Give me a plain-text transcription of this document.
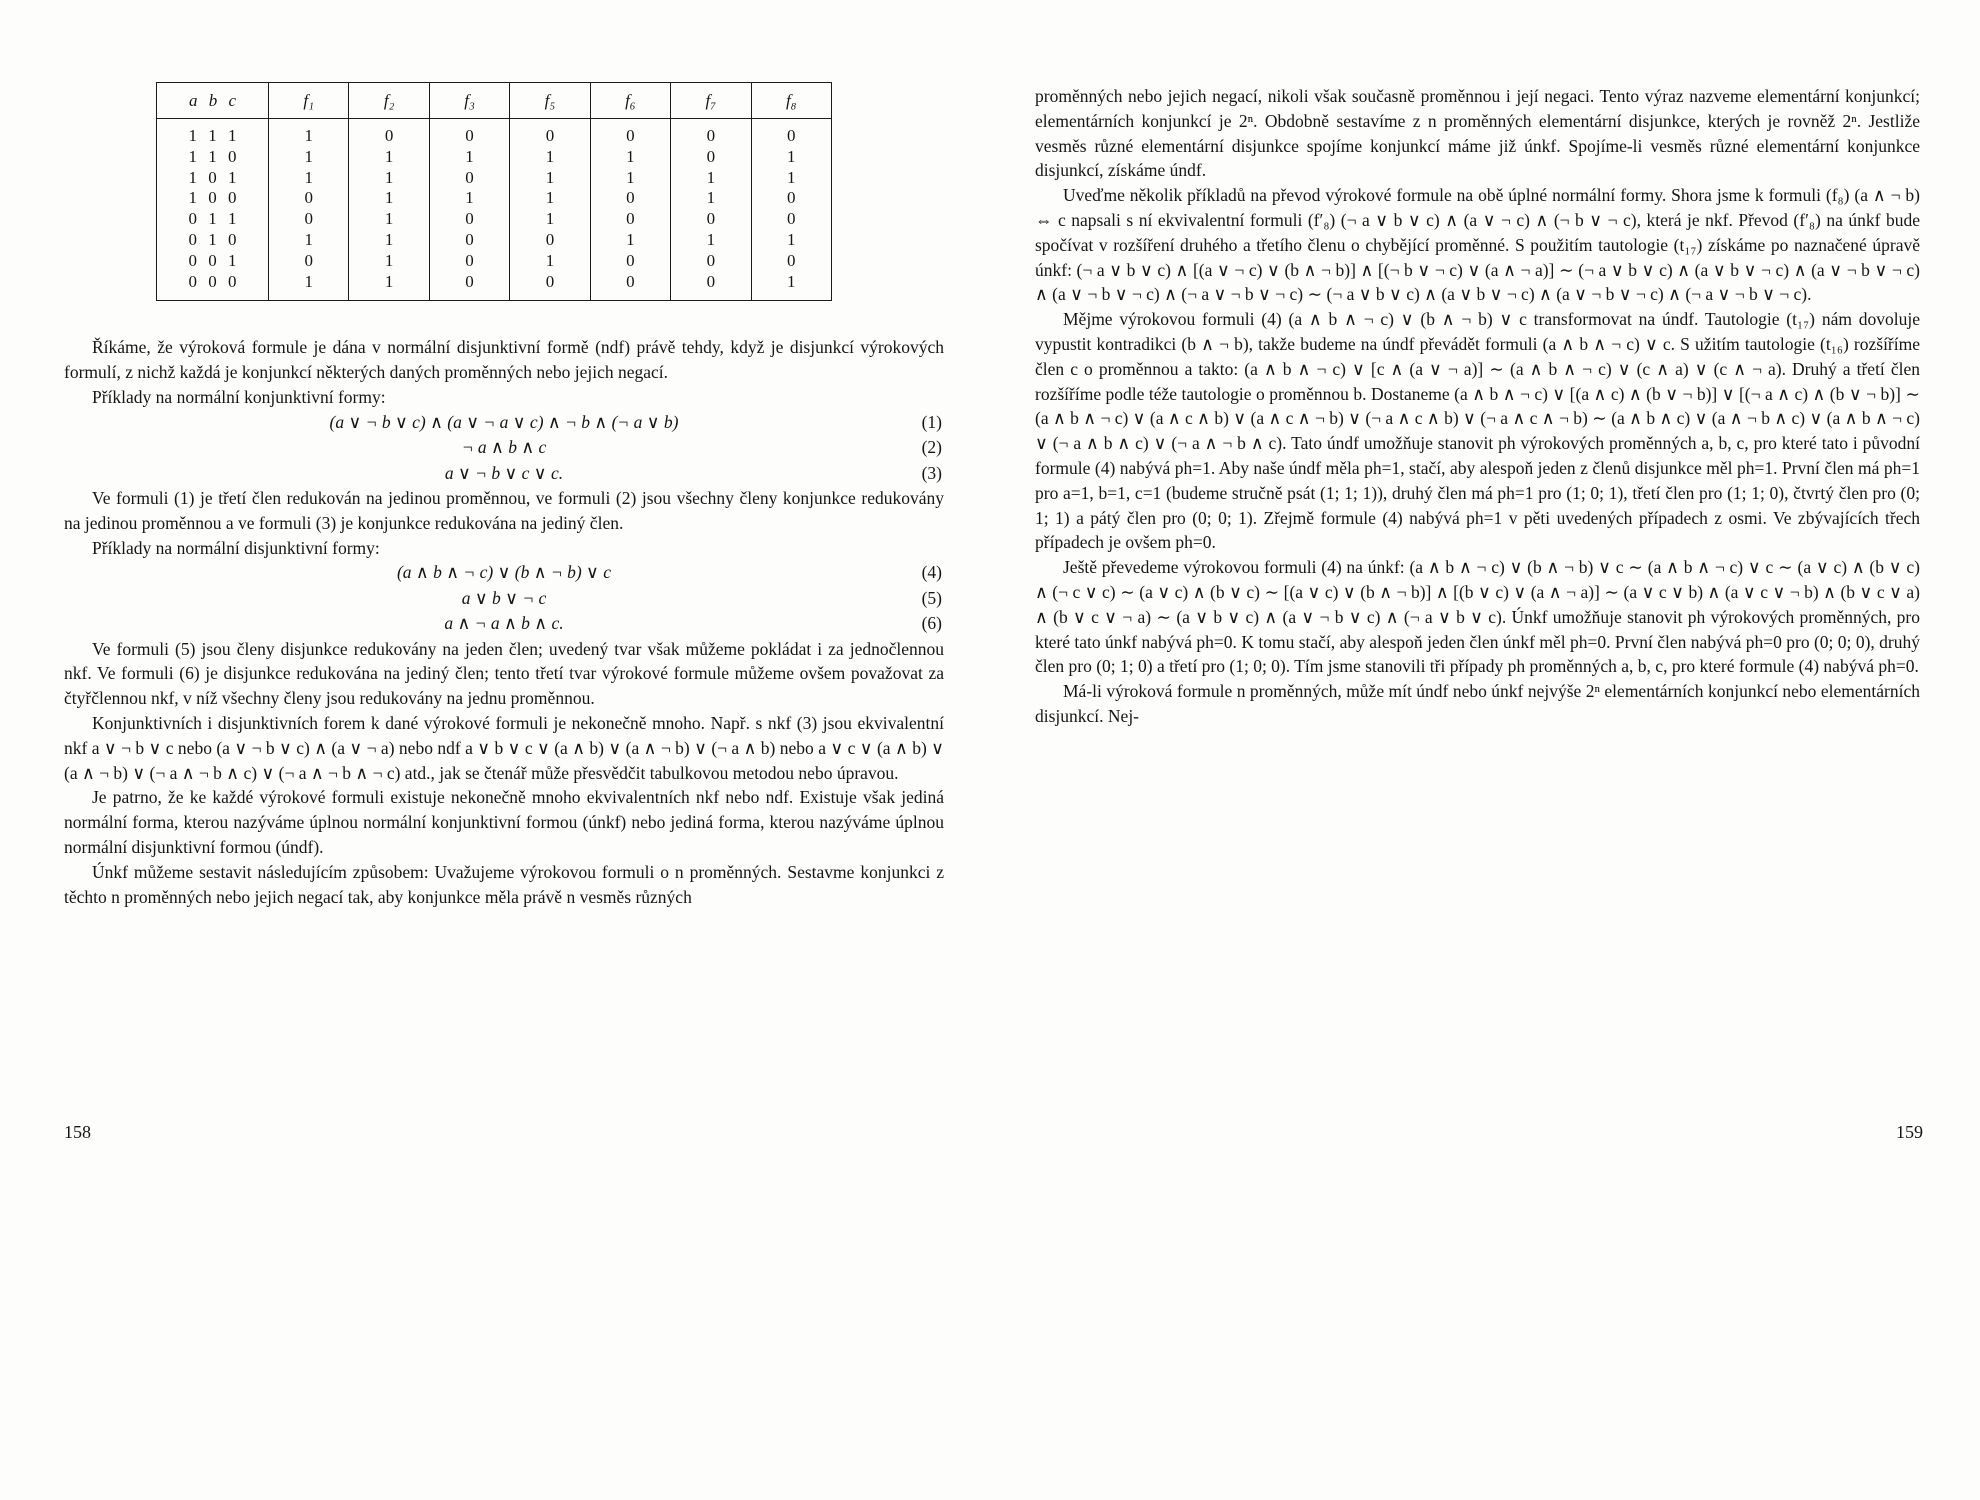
a b c	f₁	f₂	f₃	f₅	f₆	f₇	f₈
1 1 1	1	0	0	0	0	0	0
1 1 0	1	1	1	1	1	0	1
1 0 1	1	1	0	1	1	1	1
1 0 0	0	1	1	1	0	1	0
0 1 1	0	1	0	1	0	0	0
0 1 0	1	1	0	0	1	1	1
0 0 1	0	1	0	1	0	0	0
0 0 0	1	1	0	0	0	0	1

Říkáme, že výroková formule je dána v normální disjunktivní formě (ndf) právě tehdy, když je disjunkcí výrokových formulí, z nichž každá je konjunkcí některých daných proměnných nebo jejich negací.

Příklady na normální konjunktivní formy:

(a ∨ ¬ b ∨ c) ∧ (a ∨ ¬ a ∨ c) ∧ ¬ b ∧ (¬ a ∨ b)	(1)
¬ a ∧ b ∧ c	(2)
a ∨ ¬ b ∨ c ∨ c.	(3)

Ve formuli (1) je třetí člen redukován na jedinou proměnnou, ve formuli (2) jsou všechny členy konjunkce redukovány na jedinou proměnnou a ve formuli (3) je konjunkce redukována na jediný člen.

Příklady na normální disjunktivní formy:

(a ∧ b ∧ ¬ c) ∨ (b ∧ ¬ b) ∨ c	(4)
a ∨ b ∨ ¬ c	(5)
a ∧ ¬ a ∧ b ∧ c.	(6)

Ve formuli (5) jsou členy disjunkce redukovány na jeden člen; uvedený tvar však můžeme pokládat i za jednočlennou nkf. Ve formuli (6) je disjunkce redukována na jediný člen; tento třetí tvar výrokové formule můžeme ovšem považovat za čtyřčlennou nkf, v níž všechny členy jsou redukovány na jednu proměnnou.

Konjunktivních i disjunktivních forem k dané výrokové formuli je nekonečně mnoho. Např. s nkf (3) jsou ekvivalentní nkf a ∨ ¬ b ∨ c nebo (a ∨ ¬ b ∨ c) ∧ (a ∨ ¬ a) nebo ndf a ∨ b ∨ c ∨ (a ∧ b) ∨ (a ∧ ¬ b) ∨ (¬ a ∧ b) nebo a ∨ c ∨ (a ∧ b) ∨ (a ∧ ¬ b) ∨ (¬ a ∧ ¬ b ∧ c) ∨ (¬ a ∧ ¬ b ∧ ¬ c) atd., jak se čtenář může přesvědčit tabulkovou metodou nebo úpravou.

Je patrno, že ke každé výrokové formuli existuje nekonečně mnoho ekvivalentních nkf nebo ndf. Existuje však jediná normální forma, kterou nazýváme úplnou normální konjunktivní formou (únkf) nebo jediná forma, kterou nazýváme úplnou normální disjunktivní formou (úndf).

Únkf můžeme sestavit následujícím způsobem: Uvažujeme výrokovou formuli o n proměnných. Sestavme konjunkci z těchto n proměnných nebo jejich negací tak, aby konjunkce měla právě n vesměs různých

158

proměnných nebo jejich negací, nikoli však současně proměnnou i její negaci. Tento výraz nazveme elementární konjunkcí; elementárních konjunkcí je 2ⁿ. Obdobně sestavíme z n proměnných elementární disjunkce, kterých je rovněž 2ⁿ. Jestliže vesměs různé elementární disjunkce spojíme konjunkcí máme již únkf. Spojíme-li vesměs různé elementární konjunkce disjunkcí, získáme úndf.

Uveďme několik příkladů na převod výrokové formule na obě úplné normální formy. Shora jsme k formuli (f₈) (a ∧ ¬ b) ⇔ c napsali s ní ekvivalentní formuli (f′₈) (¬ a ∨ b ∨ c) ∧ (a ∨ ¬ c) ∧ (¬ b ∨ ¬ c), která je nkf. Převod (f′₈) na únkf bude spočívat v rozšíření druhého a třetího členu o chybějící proměnné. S použitím tautologie (t₁₇) získáme po naznačené úpravě únkf: (¬ a ∨ b ∨ c) ∧ [(a ∨ ¬ c) ∨ (b ∧ ¬ b)] ∧ [(¬ b ∨ ¬ c) ∨ (a ∧ ¬ a)] ∼ (¬ a ∨ b ∨ c) ∧ (a ∨ b ∨ ¬ c) ∧ (a ∨ ¬ b ∨ ¬ c) ∧ (a ∨ ¬ b ∨ ¬ c) ∧ (¬ a ∨ ¬ b ∨ ¬ c) ∼ (¬ a ∨ b ∨ c) ∧ (a ∨ b ∨ ¬ c) ∧ (a ∨ ¬ b ∨ ¬ c) ∧ (¬ a ∨ ¬ b ∨ ¬ c).

Mějme výrokovou formuli (4) (a ∧ b ∧ ¬ c) ∨ (b ∧ ¬ b) ∨ c transformovat na úndf. Tautologie (t₁₇) nám dovoluje vypustit kontradikci (b ∧ ¬ b), takže budeme na úndf převádět formuli (a ∧ b ∧ ¬ c) ∨ c. S užitím tautologie (t₁₆) rozšíříme člen c o proměnnou a takto: (a ∧ b ∧ ¬ c) ∨ [c ∧ (a ∨ ¬ a)] ∼ (a ∧ b ∧ ¬ c) ∨ (c ∧ a) ∨ (c ∧ ¬ a). Druhý a třetí člen rozšíříme podle téže tautologie o proměnnou b. Dostaneme (a ∧ b ∧ ¬ c) ∨ [(a ∧ c) ∧ (b ∨ ¬ b)] ∨ [(¬ a ∧ c) ∧ (b ∨ ¬ b)] ∼ (a ∧ b ∧ ¬ c) ∨ (a ∧ c ∧ b) ∨ (a ∧ c ∧ ¬ b) ∨ (¬ a ∧ c ∧ b) ∨ (¬ a ∧ c ∧ ¬ b) ∼ (a ∧ b ∧ c) ∨ (a ∧ ¬ b ∧ c) ∨ (a ∧ b ∧ ¬ c) ∨ (¬ a ∧ b ∧ c) ∨ (¬ a ∧ ¬ b ∧ c). Tato úndf umožňuje stanovit ph výrokových proměnných a, b, c, pro které tato i původní formule (4) nabývá ph=1. Aby naše úndf měla ph=1, stačí, aby alespoň jeden z členů disjunkce měl ph=1. První člen má ph=1 pro a=1, b=1, c=1 (budeme stručně psát (1; 1; 1)), druhý člen má ph=1 pro (1; 0; 1), třetí člen pro (1; 1; 0), čtvrtý člen pro (0; 1; 1) a pátý člen pro (0; 0; 1). Zřejmě formule (4) nabývá ph=1 v pěti uvedených případech z osmi. Ve zbývajících třech případech je ovšem ph=0.

Ještě převedeme výrokovou formuli (4) na únkf: (a ∧ b ∧ ¬ c) ∨ (b ∧ ¬ b) ∨ c ∼ (a ∧ b ∧ ¬ c) ∨ c ∼ (a ∨ c) ∧ (b ∨ c) ∧ (¬ c ∨ c) ∼ (a ∨ c) ∧ (b ∨ c) ∼ [(a ∨ c) ∨ (b ∧ ¬ b)] ∧ [(b ∨ c) ∨ (a ∧ ¬ a)] ∼ (a ∨ c ∨ b) ∧ (a ∨ c ∨ ¬ b) ∧ (b ∨ c ∨ a) ∧ (b ∨ c ∨ ¬ a) ∼ (a ∨ b ∨ c) ∧ (a ∨ ¬ b ∨ c) ∧ (¬ a ∨ b ∨ c). Únkf umožňuje stanovit ph výrokových proměnných, pro které tato únkf nabývá ph=0. K tomu stačí, aby alespoň jeden člen únkf měl ph=0. První člen nabývá ph=0 pro (0; 0; 0), druhý člen pro (0; 1; 0) a třetí pro (1; 0; 0). Tím jsme stanovili tři případy ph proměnných a, b, c, pro které formule (4) nabývá ph=0.

Má-li výroková formule n proměnných, může mít úndf nebo únkf nejvýše 2ⁿ elementárních konjunkcí nebo elementárních disjunkcí. Nej-

159
